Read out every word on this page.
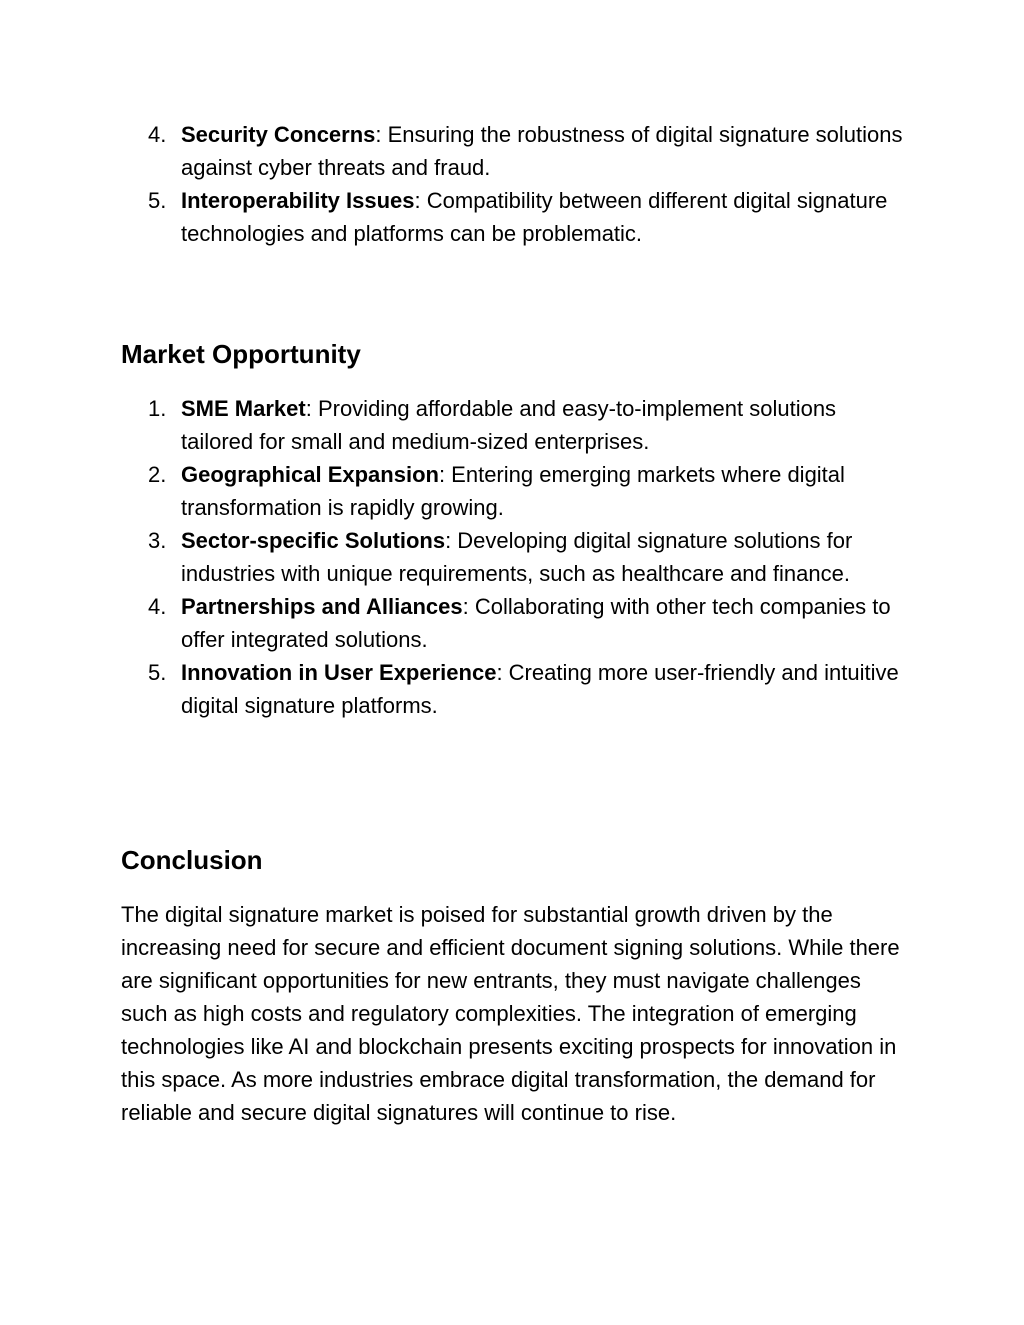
4. Security Concerns: Ensuring the robustness of digital signature solutions against cyber threats and fraud.
5. Interoperability Issues: Compatibility between different digital signature technologies and platforms can be problematic.
Market Opportunity
1. SME Market: Providing affordable and easy-to-implement solutions tailored for small and medium-sized enterprises.
2. Geographical Expansion: Entering emerging markets where digital transformation is rapidly growing.
3. Sector-specific Solutions: Developing digital signature solutions for industries with unique requirements, such as healthcare and finance.
4. Partnerships and Alliances: Collaborating with other tech companies to offer integrated solutions.
5. Innovation in User Experience: Creating more user-friendly and intuitive digital signature platforms.
Conclusion

The digital signature market is poised for substantial growth driven by the increasing need for secure and efficient document signing solutions. While there are significant opportunities for new entrants, they must navigate challenges such as high costs and regulatory complexities. The integration of emerging technologies like AI and blockchain presents exciting prospects for innovation in this space. As more industries embrace digital transformation, the demand for reliable and secure digital signatures will continue to rise.
